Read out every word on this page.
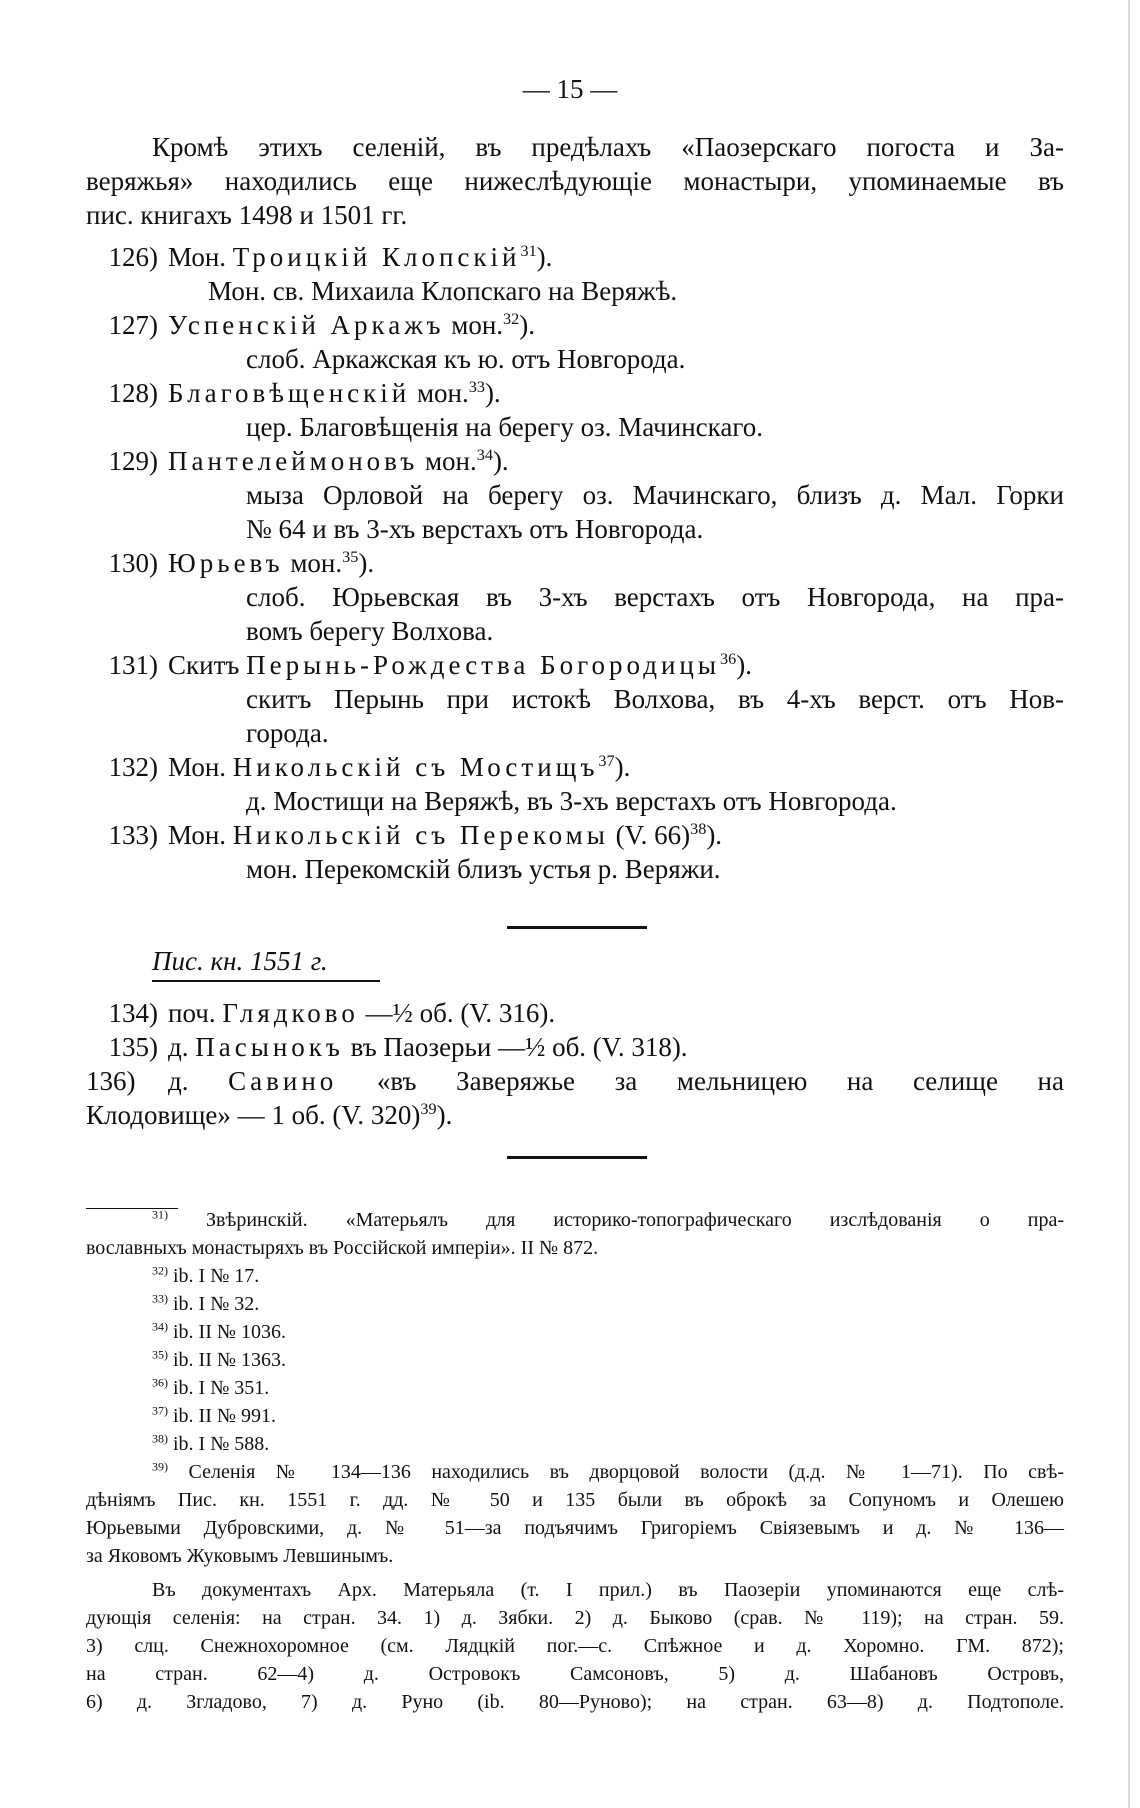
— 15 —
Кромѣ этихъ селеній, въ предѣлахъ «Паозерскаго погоста и За-
веряжья» находились еще нижеслѣдующіе монастыри, упоминаемые въ
пис. книгахъ 1498 и 1501 гг.
126) Мон. Троицкій Клопскій$^{31}$).
Мон. св. Михаила Клопскаго на Веряжѣ.
127) Успенскій Аркажъ мон.$^{32}$).
слоб. Аркажская къ ю. отъ Новгорода.
128) Благовѣщенскій мон.$^{33}$).
цер. Благовѣщенія на берегу оз. Мачинскаго.
129) Пантелеймоновъ мон.$^{34}$).
мыза Орловой на берегу оз. Мачинскаго, близъ д. Мал. Горки
№ 64 и въ 3-хъ верстахъ отъ Новгорода.
130) Юрьевъ мон.$^{35}$).
слоб. Юрьевская въ 3-хъ верстахъ отъ Новгорода, на пра-
вомъ берегу Волхова.
131) Скитъ Перынь-Рождества Богородицы$^{36}$).
скитъ Перынь при истокѣ Волхова, въ 4-хъ верст. отъ Нов-
города.
132) Мон. Никольскій съ Мостищъ$^{37}$).
д. Мостищи на Веряжѣ, въ 3-хъ верстахъ отъ Новгорода.
133) Мон. Никольскій съ Перекомы (V. 66)$^{38}$).
мон. Перекомскій близъ устья р. Веряжи.
Пис. кн. 1551 г.
134) поч. Глядково —½ об. (V. 316).
135) д. Пасынокъ въ Паозерьи —½ об. (V. 318).
136) д. Савино «въ Заверяжье за мельницею на селище на
Клодовище» — 1 об. (V. 320)$^{39}$).
$^{31)}$ Звѣринскій. «Матерьялъ для историко-топографическаго изслѣдованія о пра-
вославныхъ монастыряхъ въ Россійской имперіи». II № 872.
$^{32)}$ ib. I № 17.
$^{33)}$ ib. I № 32.
$^{34)}$ ib. II № 1036.
$^{35)}$ ib. II № 1363.
$^{36)}$ ib. I № 351.
$^{37)}$ ib. II № 991.
$^{38)}$ ib. I № 588.
$^{39)}$ Селенія № 134—136 находились въ дворцовой волости (д.д. № 1—71). По свѣ-
дѣніямъ Пис. кн. 1551 г. дд. № 50 и 135 были въ оброкѣ за Сопуномъ и Олешею
Юрьевыми Дубровскими, д. № 51—за подъячимъ Григоріемъ Свіязевымъ и д. № 136—
за Яковомъ Жуковымъ Левшинымъ.
Въ документахъ Арх. Матерьяла (т. I прил.) въ Паозеріи упоминаются еще слѣ-
дующія селенія: на стран. 34. 1) д. Зябки. 2) д. Быково (срав. № 119); на стран. 59.
3) слц. Снежнохоромное (см. Лядцкій пог.—с. Спѣжное и д. Хоромно. ГМ. 872);
на стран. 62—4) д. Островокъ Самсоновъ, 5) д. Шабановъ Островъ,
6) д. Згладово, 7) д. Руно (ib. 80—Руново); на стран. 63—8) д. Подтополе.
